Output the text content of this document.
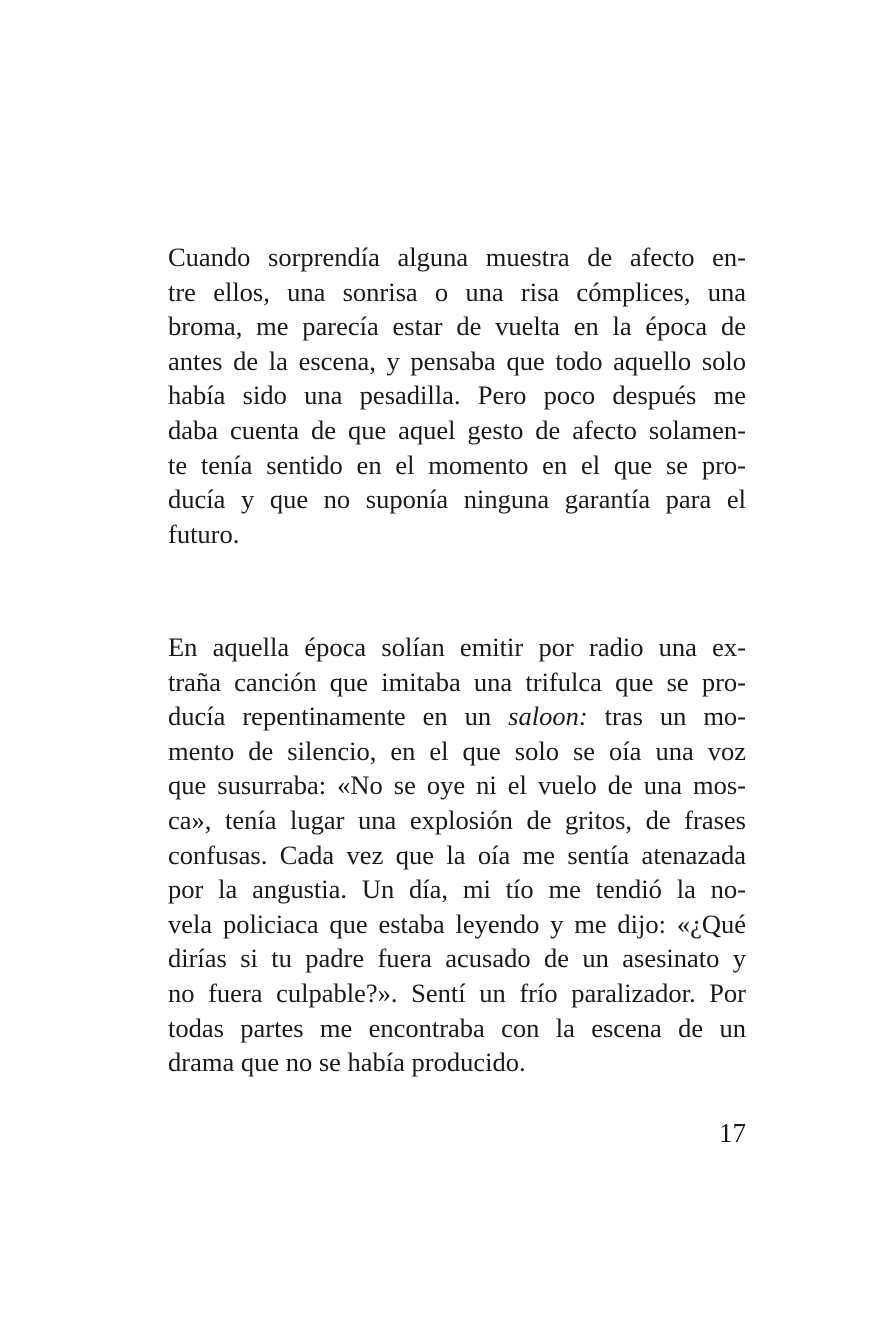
Cuando sorprendía alguna muestra de afecto en-
tre ellos, una sonrisa o una risa cómplices, una
broma, me parecía estar de vuelta en la época de
antes de la escena, y pensaba que todo aquello solo
había sido una pesadilla. Pero poco después me
daba cuenta de que aquel gesto de afecto solamen-
te tenía sentido en el momento en el que se pro-
ducía y que no suponía ninguna garantía para el
futuro.
En aquella época solían emitir por radio una ex-
traña canción que imitaba una trifulca que se pro-
ducía repentinamente en un saloon: tras un mo-
mento de silencio, en el que solo se oía una voz
que susurraba: «No se oye ni el vuelo de una mos-
ca», tenía lugar una explosión de gritos, de frases
confusas. Cada vez que la oía me sentía atenazada
por la angustia. Un día, mi tío me tendió la no-
vela policiaca que estaba leyendo y me dijo: «¿Qué
dirías si tu padre fuera acusado de un asesinato y
no fuera culpable?». Sentí un frío paralizador. Por
todas partes me encontraba con la escena de un
drama que no se había producido.

17
